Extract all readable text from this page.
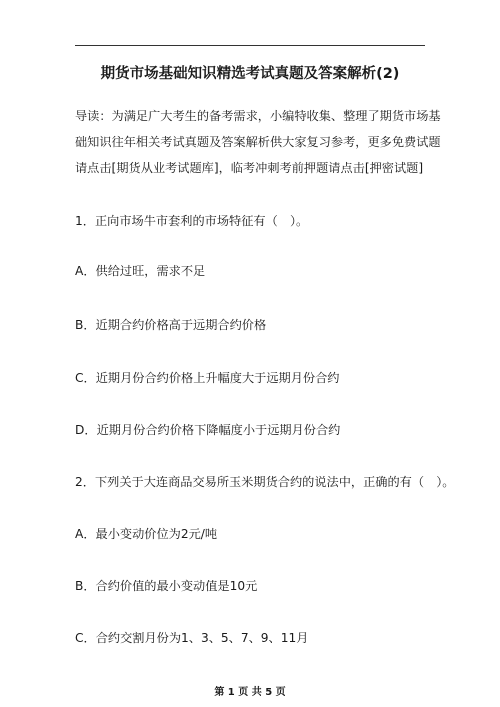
期货市场基础知识精选考试真题及答案解析(2)
导读：为满足广大考生的备考需求，小编特收集、整理了期货市场基
础知识往年相关考试真题及答案解析供大家复习参考，更多免费试题
请点击[期货从业考试题库]，临考冲刺考前押题请点击[押密试题]
1．正向市场牛市套利的市场特征有（　）。
A．供给过旺，需求不足
B．近期合约价格高于远期合约价格
C．近期月份合约价格上升幅度大于远期月份合约
D．近期月份合约价格下降幅度小于远期月份合约
2．下列关于大连商品交易所玉米期货合约的说法中，正确的有（　）。
A．最小变动价位为2元/吨
B．合约价值的最小变动值是10元
C．合约交割月份为1、3、5、7、9、11月
第 1 页 共 5 页
